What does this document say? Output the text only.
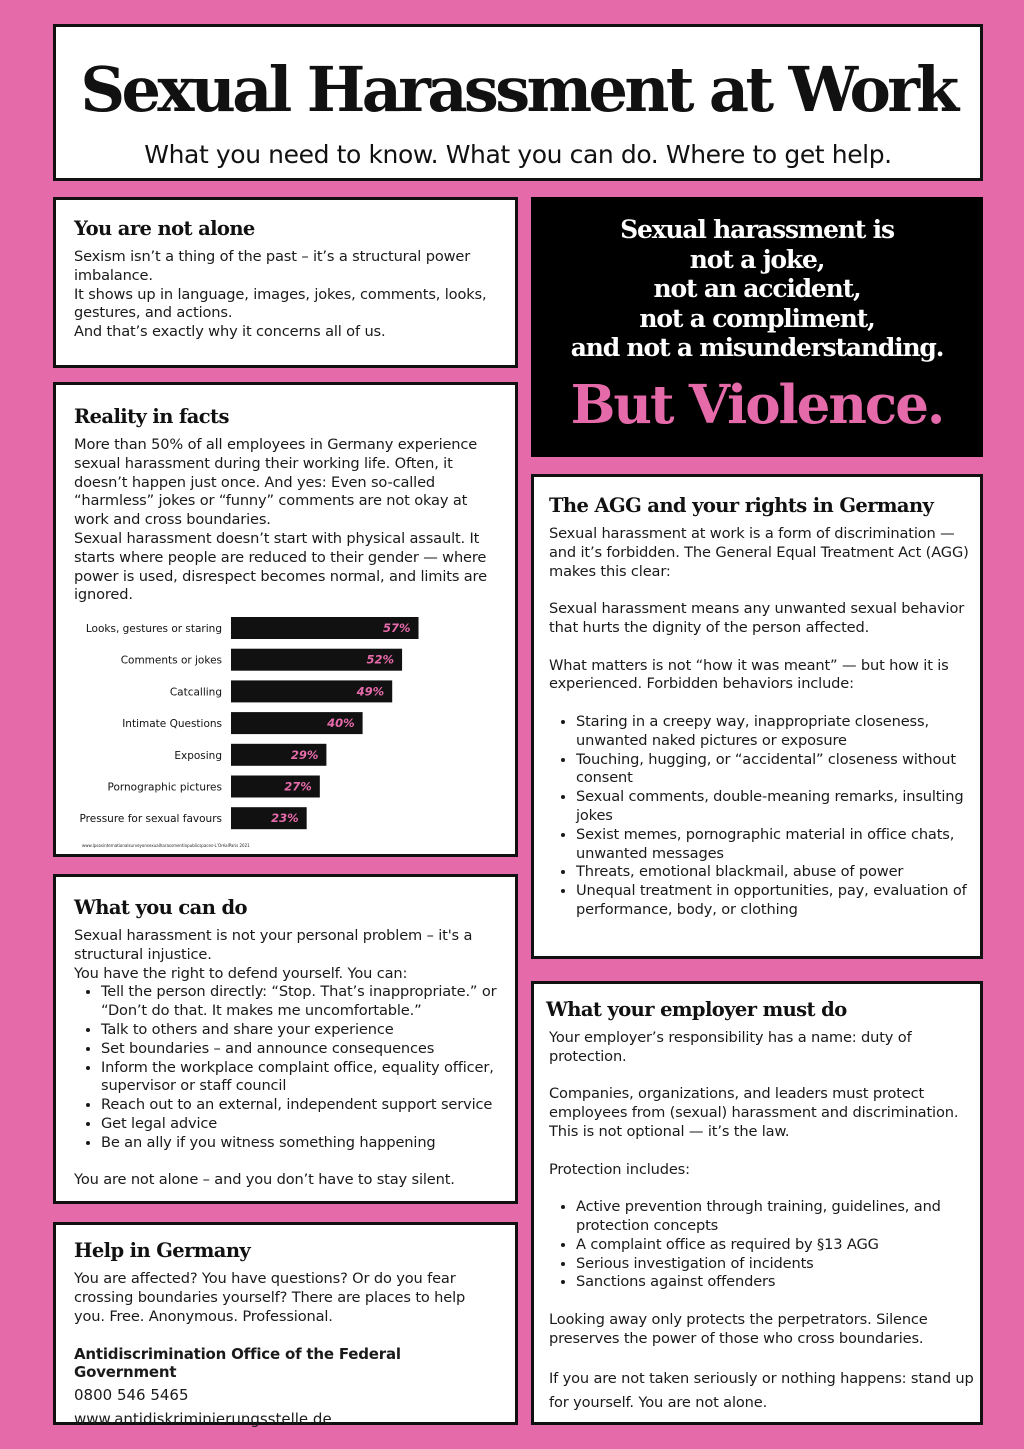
Sexual Harassment at Work
What you need to know. What you can do. Where to get help.
You are not alone

Sexism isn’t a thing of the past – it’s a structural power imbalance.

It shows up in language, images, jokes, comments, looks, gestures, and actions.

And that’s exactly why it concerns all of us.

Reality in facts

More than 50% of all employees in Germany experience sexual harassment during their working life. Often, it doesn’t happen just once. And yes: Even so-called “harmless” jokes or “funny” comments are not okay at work and cross boundaries.

Sexual harassment doesn’t start with physical assault. It starts where people are reduced to their gender — where power is used, disrespect becomes normal, and limits are ignored.

Looks, gestures or staring	57%
Comments or jokes	52%
Catcalling	49%
Intimate Questions	40%
Exposing	29%
Pornographic pictures	27%
Pressure for sexual favours	23%
www.lpsosinternationalsurveyonsexualharassmentinpublicspaces-L’OréalParis 2021
What you can do

Sexual harassment is not your personal problem – it's a structural injustice.

You have the right to defend yourself. You can:

• Tell the person directly: “Stop. That’s inappropriate.” or “Don’t do that. It makes me uncomfortable.”
• Talk to others and share your experience
• Set boundaries – and announce consequences
• Inform the workplace complaint office, equality officer, supervisor or staff council
• Reach out to an external, independent support service
• Get legal advice
• Be an ally if you witness something happening

You are not alone – and you don’t have to stay silent.

Help in Germany

You are affected? You have questions? Or do you fear crossing boundaries yourself? There are places to help you. Free. Anonymous. Professional.

Antidiscrimination Office of the Federal Government
0800 546 5465
www.antidiskriminierungsstelle.de
Sexual harassment is
not a joke,
not an accident,
not a compliment,
and not a misunderstanding.
But Violence.
The AGG and your rights in Germany

Sexual harassment at work is a form of discrimination — and it’s forbidden. The General Equal Treatment Act (AGG) makes this clear:

Sexual harassment means any unwanted sexual behavior that hurts the dignity of the person affected.

What matters is not “how it was meant” — but how it is experienced. Forbidden behaviors include:

• Staring in a creepy way, inappropriate closeness, unwanted naked pictures or exposure
• Touching, hugging, or “accidental” closeness without consent
• Sexual comments, double-meaning remarks, insulting jokes
• Sexist memes, pornographic material in office chats, unwanted messages
• Threats, emotional blackmail, abuse of power
• Unequal treatment in opportunities, pay, evaluation of performance, body, or clothing
What your employer must do

Your employer’s responsibility has a name: duty of protection.

Companies, organizations, and leaders must protect employees from (sexual) harassment and discrimination. This is not optional — it’s the law.

Protection includes:

• Active prevention through training, guidelines, and protection concepts
• A complaint office as required by §13 AGG
• Serious investigation of incidents
• Sanctions against offenders

Looking away only protects the perpetrators. Silence preserves the power of those who cross boundaries.

If you are not taken seriously or nothing happens: stand up for yourself. You are not alone.
